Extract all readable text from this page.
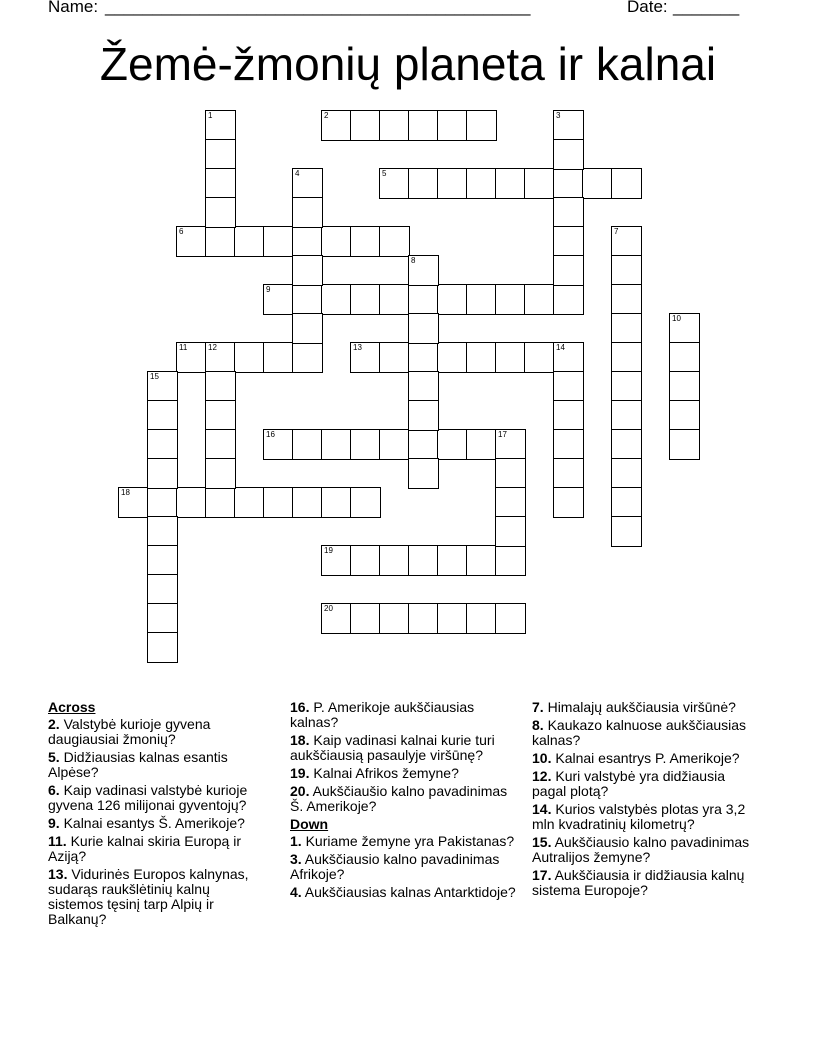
Name: _____________________________________________	Date: _______
Žemė-žmonių planeta ir kalnai
2
5
6
9
11	12	13	14
16	17
18
19
20
1	3
4
7
8
10
15
Across
2. Valstybė kurioje gyvena daugiausiai žmonių?
5. Didžiausias kalnas esantis Alpėse?
6. Kaip vadinasi valstybė kurioje gyvena 126 milijonai gyventojų?
9. Kalnai esantys Š. Amerikoje?
11. Kurie kalnai skiria Europą ir Aziją?
13. Vidurinės Europos kalnynas, sudarąs raukšlėtinių kalnų sistemos tęsinį tarp Alpių ir Balkanų?
16. P. Amerikoje aukščiausias kalnas?
18. Kaip vadinasi kalnai kurie turi aukščiausią pasaulyje viršūnę?
19. Kalnai Afrikos žemyne?
20. Aukščiaušio kalno pavadinimas Š. Amerikoje?
Down
1. Kuriame žemyne yra Pakistanas?
3. Aukščiausio kalno pavadinimas Afrikoje?
4. Aukščiausias kalnas Antarktidoje?
7. Himalajų aukščiausia viršūnė?
8. Kaukazo kalnuose aukščiausias kalnas?
10. Kalnai esantrys P. Amerikoje?
12. Kuri valstybė yra didžiausia pagal plotą?
14. Kurios valstybės plotas yra 3,2 mln kvadratinių kilometrų?
15. Aukščiausio kalno pavadinimas Autralijos žemyne?
17. Aukščiausia ir didžiausia kalnų sistema Europoje?
